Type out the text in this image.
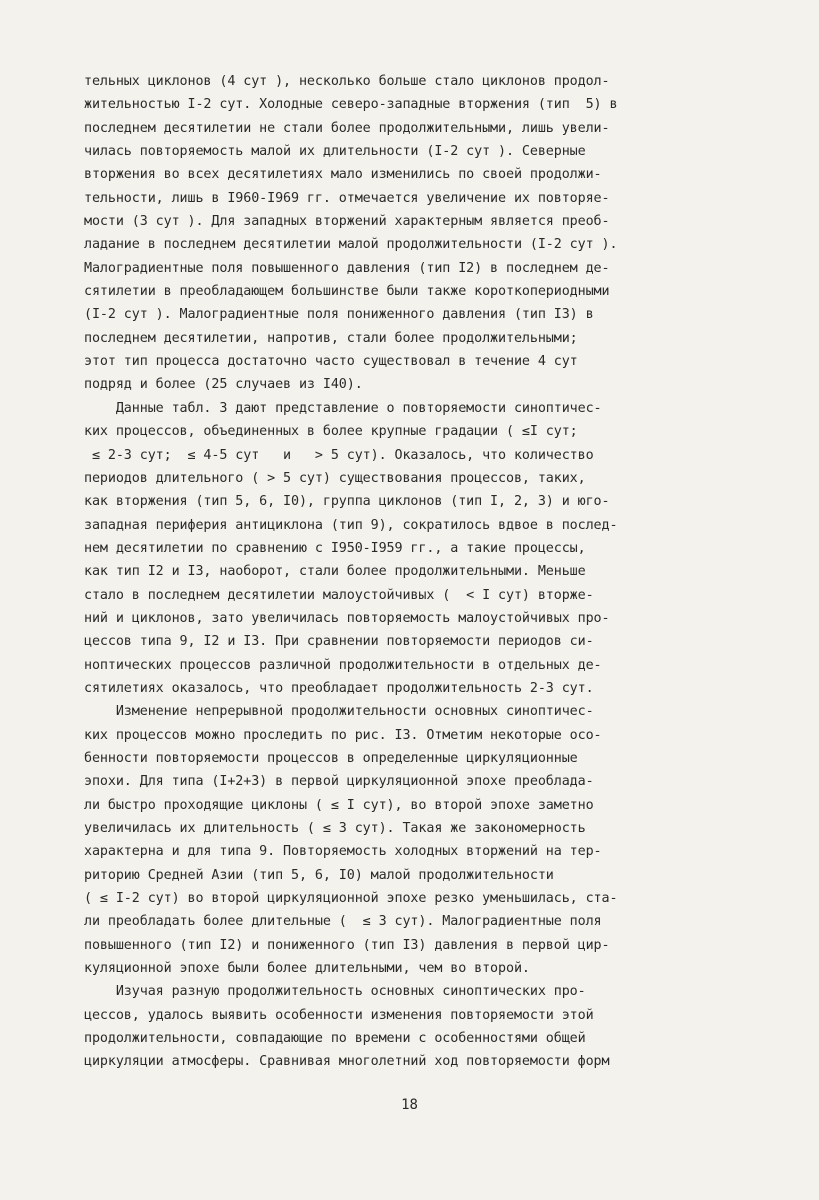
тельных циклонов (4 сут ), несколько больше стало циклонов продол-
жительностью I-2 сут. Холодные северо-западные вторжения (тип  5) в
последнем десятилетии не стали более продолжительными, лишь увели-
чилась повторяемость малой их длительности (I-2 сут ). Северные
вторжения во всех десятилетиях мало изменились по своей продолжи-
тельности, лишь в I960-I969 гг. отмечается увеличение их повторяе-
мости (3 сут ). Для западных вторжений характерным является преоб-
ладание в последнем десятилетии малой продолжительности (I-2 сут ).
Малоградиентные поля повышенного давления (тип I2) в последнем де-
сятилетии в преобладающем большинстве были также короткопериодными
(I-2 сут ). Малоградиентные поля пониженного давления (тип I3) в
последнем десятилетии, напротив, стали более продолжительными;
этот тип процесса достаточно часто существовал в течение 4 сут
подряд и более (25 случаев из I40).
Данные табл. 3 дают представление о повторяемости синоптичес-
ких процессов, объединенных в более крупные градации ( ≤I сут;
≤ 2-3 сут;  ≤ 4-5 сут   и   > 5 сут). Оказалось, что количество
периодов длительного ( > 5 сут) существования процессов, таких,
как вторжения (тип 5, 6, I0), группа циклонов (тип I, 2, 3) и юго-
западная периферия антициклона (тип 9), сократилось вдвое в послед-
нем десятилетии по сравнению с I950-I959 гг., а такие процессы,
как тип I2 и I3, наоборот, стали более продолжительными. Меньше
стало в последнем десятилетии малоустойчивых (  < I сут) вторже-
ний и циклонов, зато увеличилась повторяемость малоустойчивых про-
цессов типа 9, I2 и I3. При сравнении повторяемости периодов си-
ноптических процессов различной продолжительности в отдельных де-
сятилетиях оказалось, что преобладает продолжительность 2-3 сут.
Изменение непрерывной продолжительности основных синоптичес-
ких процессов можно проследить по рис. I3. Отметим некоторые осо-
бенности повторяемости процессов в определенные циркуляционные
эпохи. Для типа (I+2+3) в первой циркуляционной эпохе преоблада-
ли быстро проходящие циклоны ( ≤ I сут), во второй эпохе заметно
увеличилась их длительность ( ≤ 3 сут). Такая же закономерность
характерна и для типа 9. Повторяемость холодных вторжений на тер-
риторию Средней Азии (тип 5, 6, I0) малой продолжительности
( ≤ I-2 сут) во второй циркуляционной эпохе резко уменьшилась, ста-
ли преобладать более длительные (  ≤ 3 сут). Малоградиентные поля
повышенного (тип I2) и пониженного (тип I3) давления в первой цир-
куляционной эпохе были более длительными, чем во второй.
Изучая разную продолжительность основных синоптических про-
цессов, удалось выявить особенности изменения повторяемости этой
продолжительности, совпадающие по времени с особенностями общей
циркуляции атмосферы. Сравнивая многолетний ход повторяемости форм
18
